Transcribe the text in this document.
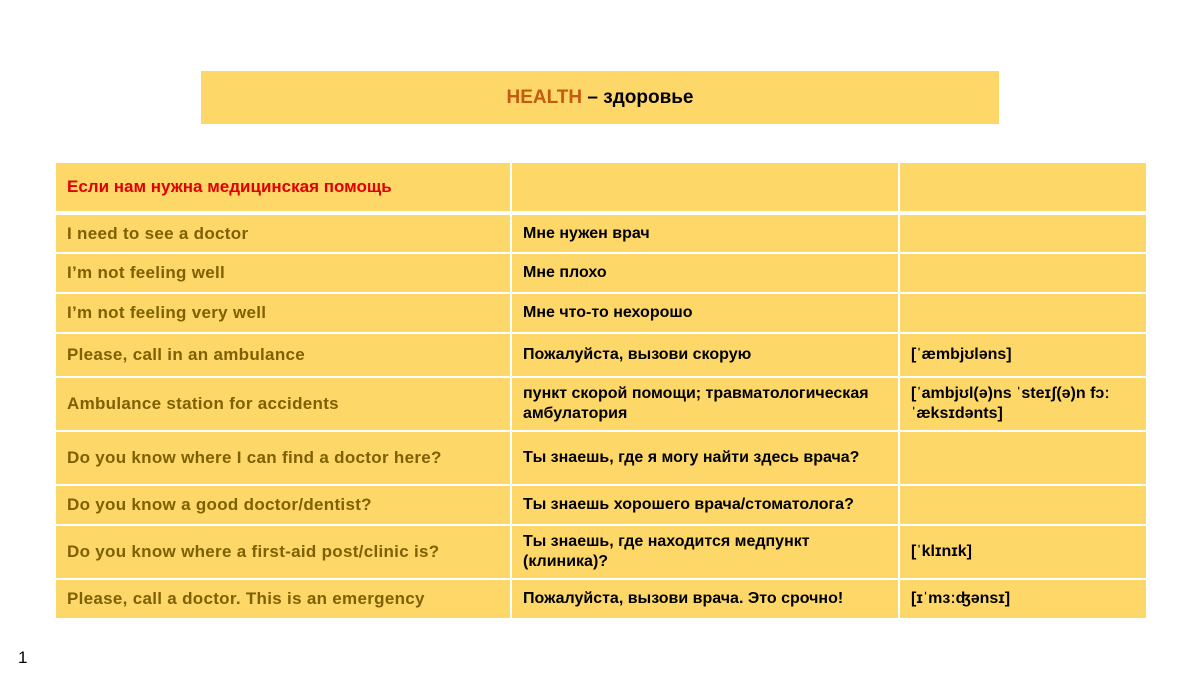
HEALTH
– здоровье
Если нам нужна медицинская помощь		
I need to see a doctor	Мне нужен врач	
I’m not feeling well	Мне плохо	
I’m not feeling very well	Мне что-то нехорошо	
Please, call in an ambulance	Пожалуйста, вызови скорую	[ˈæmbjʊləns]
Ambulance station for accidents	пункт скорой помощи; травматологическая амбулатория	[ˈambjʊl(ə)ns ˈsteɪʃ(ə)n fɔː ˈæksɪdənts]
Do you know where I can find a doctor here?	Ты знаешь, где я могу найти здесь врача?	
Do you know a good doctor/dentist?	Ты знаешь хорошего врача/стоматолога?	
Do you know where a first-aid post/clinic is?	Ты знаешь, где находится медпункт (клиника)?	[ˈklɪnɪk]
Please, call a doctor. This is an emergency	Пожалуйста, вызови врача. Это срочно!	[ɪˈmɜːʤənsɪ]
1
